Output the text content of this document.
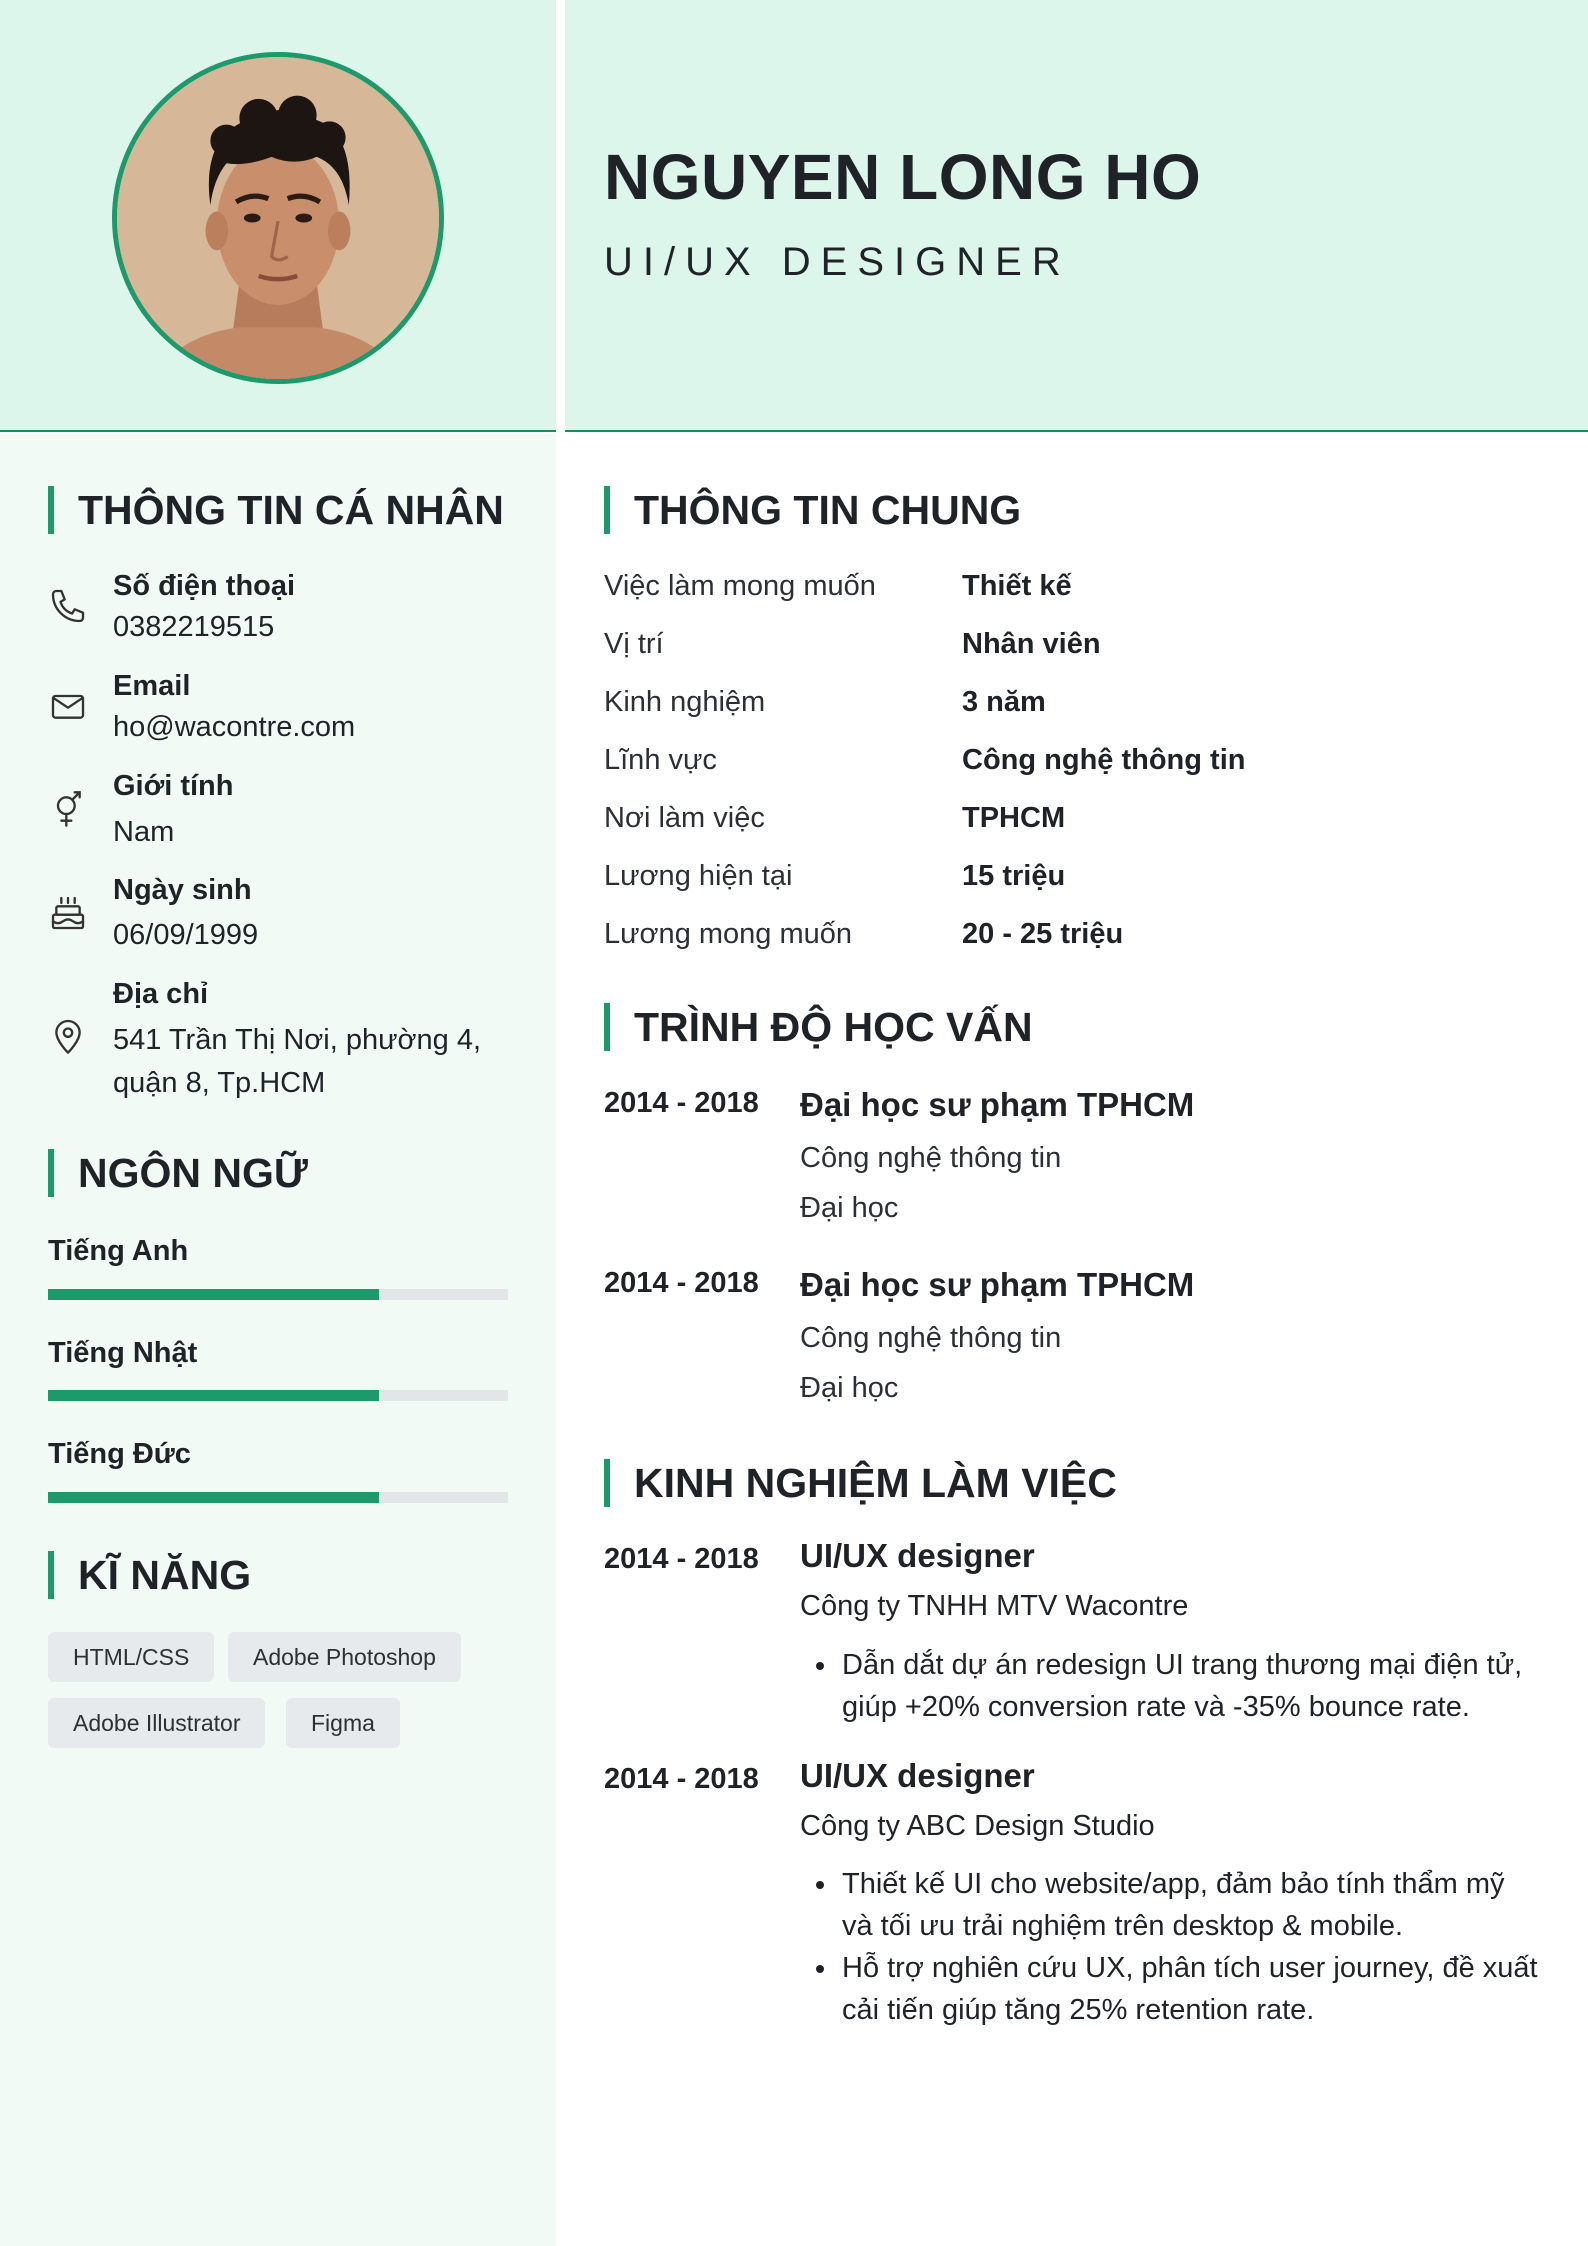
NGUYEN LONG HO
UI/UX DESIGNER
THÔNG TIN CÁ NHÂN
Số điện thoại
0382219515
Email
ho@wacontre.com
Giới tính
Nam
Ngày sinh
06/09/1999
Địa chỉ
541 Trần Thị Nơi, phường 4, quận 8, Tp.HCM
NGÔN NGỮ
Tiếng Anh
Tiếng Nhật
Tiếng Đức
KĨ NĂNG
HTML/CSS	Adobe Photoshop
Adobe Illustrator	Figma
THÔNG TIN CHUNG
Việc làm mong muốn	Thiết kế
Vị trí	Nhân viên
Kinh nghiệm	3 năm
Lĩnh vực	Công nghệ thông tin
Nơi làm việc	TPHCM
Lương hiện tại	15 triệu
Lương mong muốn	20 - 25 triệu
TRÌNH ĐỘ HỌC VẤN
2014 - 2018 Đại học sư phạm TPHCM
Công nghệ thông tin
Đại học
2014 - 2018 Đại học sư phạm TPHCM
Công nghệ thông tin
Đại học
KINH NGHIỆM LÀM VIỆC
2014 - 2018 UI/UX designer
Công ty TNHH MTV Wacontre
Dẫn dắt dự án redesign UI trang thương mại điện tử, giúp +20% conversion rate và -35% bounce rate.
2014 - 2018 UI/UX designer
Công ty ABC Design Studio
Thiết kế UI cho website/app, đảm bảo tính thẩm mỹ và tối ưu trải nghiệm trên desktop & mobile.
Hỗ trợ nghiên cứu UX, phân tích user journey, đề xuất cải tiến giúp tăng 25% retention rate.
